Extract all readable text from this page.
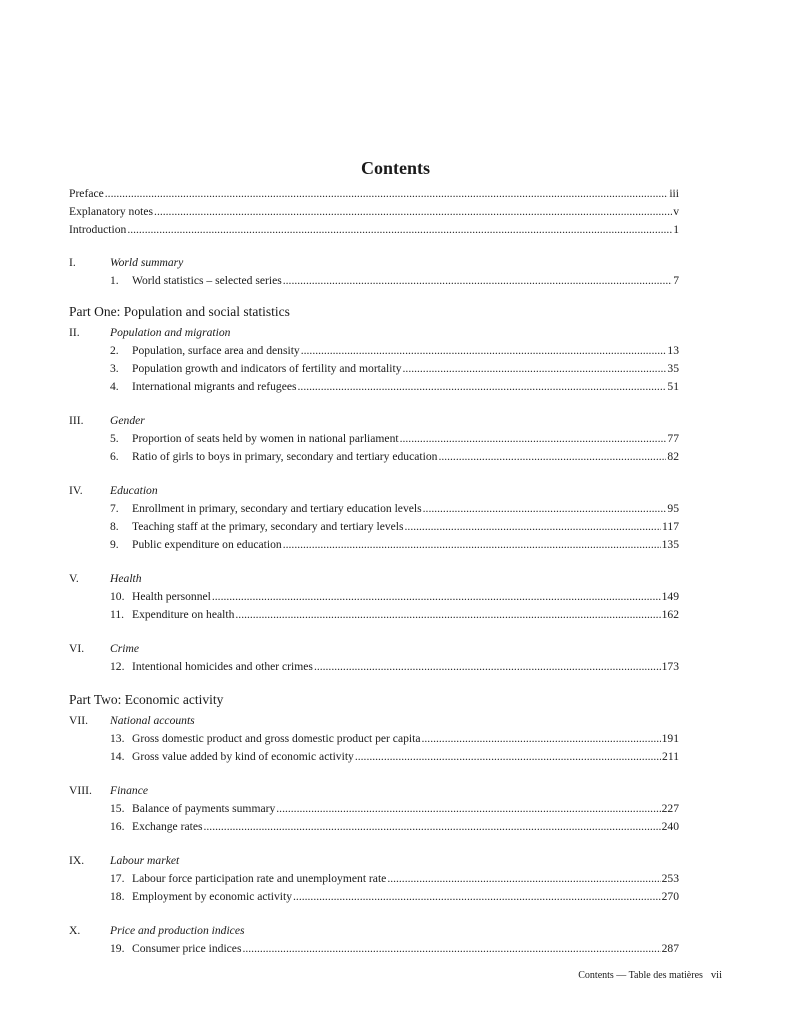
Contents
Preface .....	iii
Explanatory notes .....	v
Introduction .....	1
I.	World summary
1. World statistics – selected series .....	7
Part One: Population and social statistics
II.	Population and migration
2. Population, surface area and density .....	13
3. Population growth and indicators of fertility and mortality .....	35
4. International migrants and refugees .....	51
III.	Gender
5. Proportion of seats held by women in national parliament .....	77
6. Ratio of girls to boys in primary, secondary and tertiary education .....	82
IV.	Education
7. Enrollment in primary, secondary and tertiary education levels .....	95
8. Teaching staff at the primary, secondary and tertiary levels .....	117
9. Public expenditure on education .....	135
V.	Health
10. Health personnel .....	149
11. Expenditure on health .....	162
VI.	Crime
12. Intentional homicides and other crimes .....	173
Part Two: Economic activity
VII.	National accounts
13. Gross domestic product and gross domestic product per capita .....	191
14. Gross value added by kind of economic activity .....	211
VIII.	Finance
15. Balance of payments summary .....	227
16. Exchange rates .....	240
IX.	Labour market
17. Labour force participation rate and unemployment rate .....	253
18. Employment by economic activity .....	270
X.	Price and production indices
19. Consumer price indices .....	287
Contents — Table des matières vii
